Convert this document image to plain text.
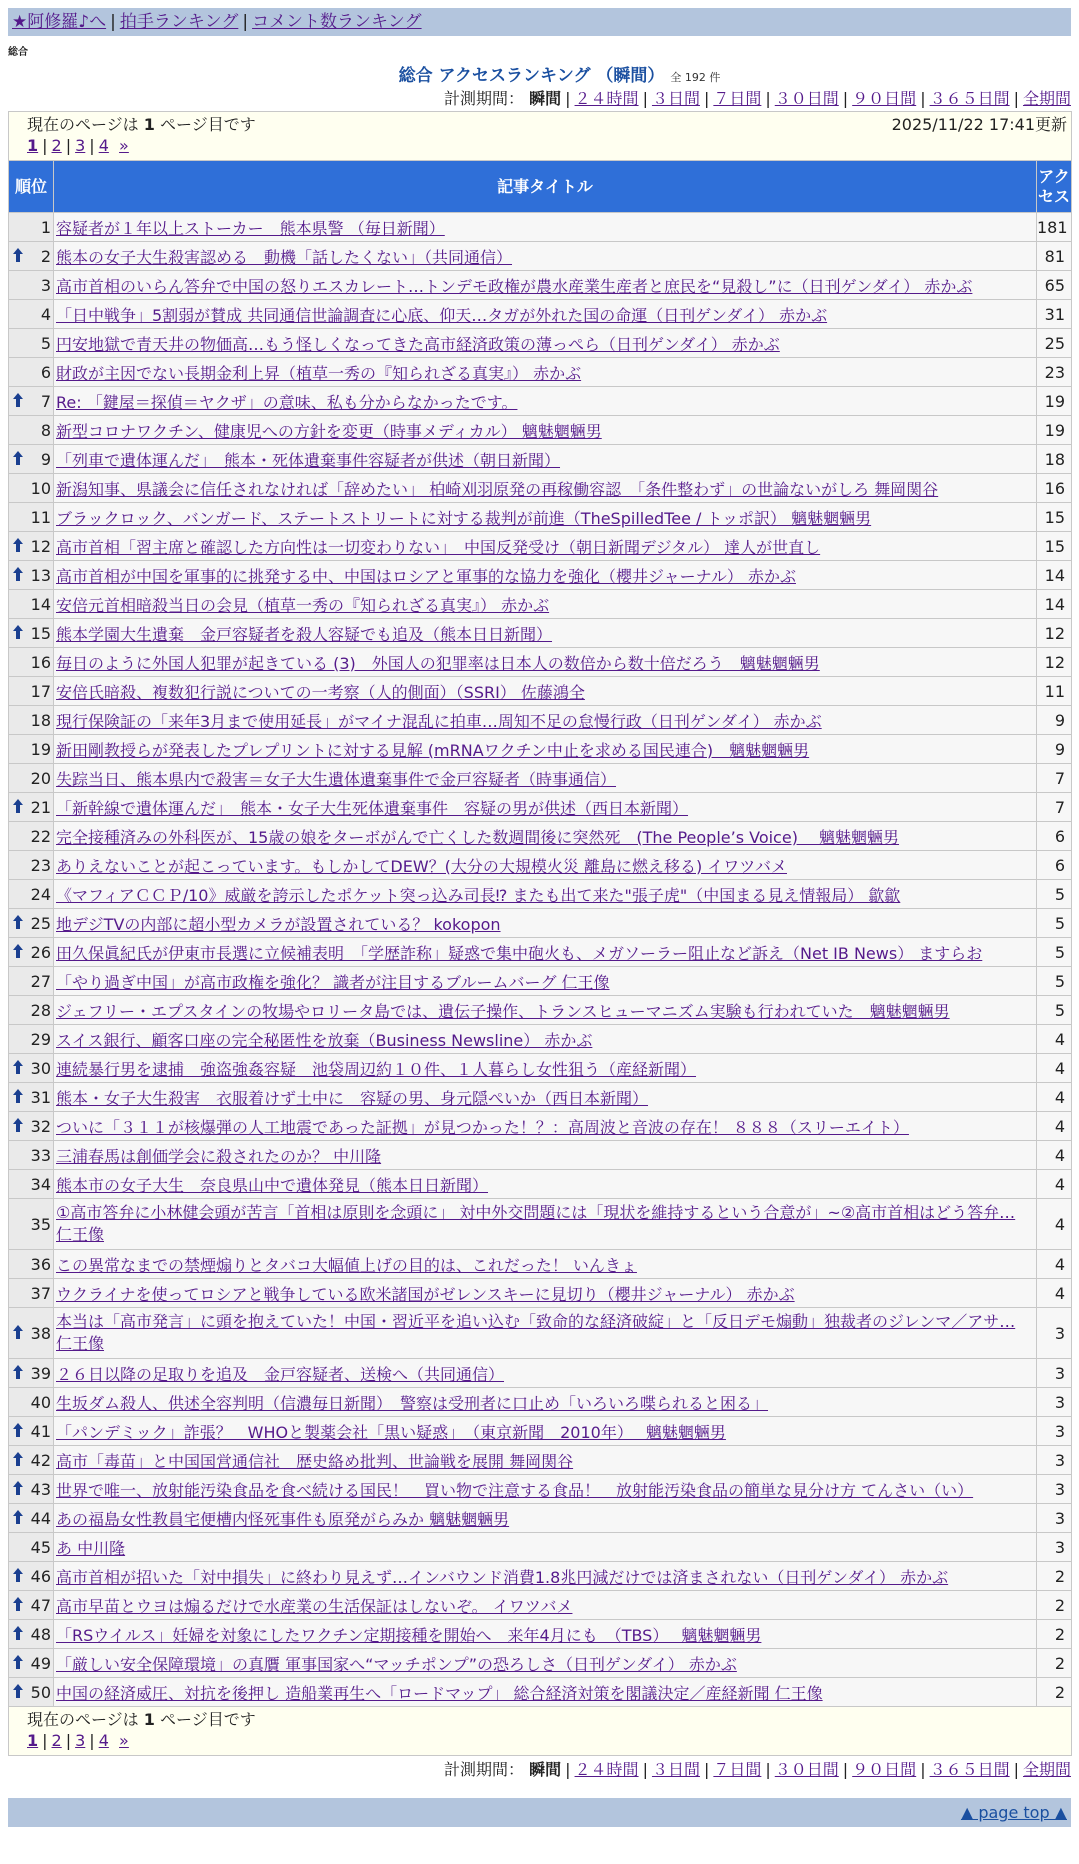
★阿修羅♪へ | 拍手ランキング | コメント数ランキング
総合
総合 アクセスランキング （瞬間） 全 192 件
計測期間： 瞬間 | ２４時間 | ３日間 | ７日間 | ３０日間 | ９０日間 | ３６５日間 | 全期間
現在のページは 1 ページ目です 2025/11/22 17:41更新
1 | 2 | 3 | 4 »		

順位	記事タイトル	アクセス
1	容疑者が１年以上ストーカー　熊本県警 （毎日新聞）	181

2	熊本の女子大生殺害認める　動機「話したくない」（共同通信）	81
3	高市首相のいらん答弁で中国の怒りエスカレート…トンデモ政権が農水産業生産者と庶民を“見殺し”に（日刊ゲンダイ） 赤かぶ	65
4	「日中戦争」5割弱が賛成 共同通信世論調査に心底、仰天…タガが外れた国の命運（日刊ゲンダイ） 赤かぶ	31
5	円安地獄で青天井の物価高…もう怪しくなってきた高市経済政策の薄っぺら（日刊ゲンダイ） 赤かぶ	25
6	財政が主因でない長期金利上昇（植草一秀の『知られざる真実』） 赤かぶ	23

7	Re: 「鍵屋＝探偵＝ヤクザ」の意味、私も分からなかったです。	19
8	新型コロナワクチン、健康児への方針を変更（時事メディカル） 魑魅魍魎男	19

9	「列車で遺体運んだ」　熊本・死体遺棄事件容疑者が供述（朝日新聞）	18
10	新潟知事、県議会に信任されなければ「辞めたい」 柏崎刈羽原発の再稼働容認　「条件整わず」の世論ないがしろ 舞岡関谷	16
11	ブラックロック、バンガード、ステートストリートに対する裁判が前進（TheSpilledTee / トッポ訳） 魑魅魍魎男	15

12	高市首相「習主席と確認した方向性は一切変わりない」　中国反発受け（朝日新聞デジタル） 達人が世直し	15

13	高市首相が中国を軍事的に挑発する中、中国はロシアと軍事的な協力を強化（櫻井ジャーナル） 赤かぶ	14
14	安倍元首相暗殺当日の会見（植草一秀の『知られざる真実』） 赤かぶ	14

15	熊本学園大生遺棄　金戸容疑者を殺人容疑でも追及（熊本日日新聞）	12
16	毎日のように外国人犯罪が起きている (3)　外国人の犯罪率は日本人の数倍から数十倍だろう　魑魅魍魎男	12
17	安倍氏暗殺、複数犯行説についての一考察（人的側面）（SSRI） 佐藤鴻全	11
18	現行保険証の「来年3月まで使用延長」がマイナ混乱に拍車…周知不足の怠慢行政（日刊ゲンダイ） 赤かぶ	9
19	新田剛教授らが発表したプレプリントに対する見解 (mRNAワクチン中止を求める国民連合)　魑魅魍魎男	9
20	失踪当日、熊本県内で殺害＝女子大生遺体遺棄事件で金戸容疑者（時事通信）	7

21	「新幹線で遺体運んだ」　熊本・女子大生死体遺棄事件　容疑の男が供述（西日本新聞）	7
22	完全接種済みの外科医が、15歳の娘をターボがんで亡くした数週間後に突然死　(The People’s Voice)　 魑魅魍魎男	6
23	ありえないことが起こっています。もしかしてDEW？(大分の大規模火災 離島に燃え移る) イワツバメ	6
24	《マフィアＣＣＰ/10》威厳を誇示したポケット突っ込み司長⁉ またも出て来た"張子虎"（中国まる見え情報局） 歙歙	5

25	地デジTVの内部に超小型カメラが設置されている？ kokopon	5

26	田久保眞紀氏が伊東市長選に立候補表明　「学歴詐称」疑惑で集中砲火も、メガソーラー阻止など訴え（Net IB News） ますらお	5
27	「やり過ぎ中国」が高市政権を強化？ 識者が注目するブルームバーグ 仁王像	5
28	ジェフリー・エプスタインの牧場やロリータ島では、遺伝子操作、トランスヒューマニズム実験も行われていた　魑魅魍魎男	5
29	スイス銀行、顧客口座の完全秘匿性を放棄（Business Newsline） 赤かぶ	4

30	連続暴行男を逮捕　強盗強姦容疑　池袋周辺約１０件、１人暮らし女性狙う（産経新聞）	4

31	熊本・女子大生殺害　衣服着けず土中に　容疑の男、身元隠ぺいか（西日本新聞）	4

32	ついに「３１１が核爆弾の人工地震であった証拠」が見つかった！？：高周波と音波の存在！ ８８８（スリーエイト）	4
33	三浦春馬は創価学会に殺されたのか？ 中川隆	4
34	熊本市の女子大生　奈良県山中で遺体発見（熊本日日新聞）	4
35	①高市答弁に小林健会頭が苦言「首相は原則を念頭に」 対中外交問題には「現状を維持するという合意が」~②高市首相はどう答弁… 仁王像	4
36	この異常なまでの禁煙煽りとタバコ大幅値上げの目的は、これだった！ いんきょ	4
37	ウクライナを使ってロシアと戦争している欧米諸国がゼレンスキーに見切り（櫻井ジャーナル） 赤かぶ	4

38	本当は「高市発言」に頭を抱えていた！中国・習近平を追い込む「致命的な経済破綻」と「反日デモ煽動」独裁者のジレンマ／アサ… 仁王像	3

39	２６日以降の足取りを追及　金戸容疑者、送検へ（共同通信）	3
40	生坂ダム殺人、供述全容判明（信濃毎日新聞）　警察は受刑者に口止め「いろいろ喋られると困る」	3

41	「パンデミック」詐張？　WHOと製薬会社「黒い疑惑」　（東京新聞　2010年）　 魑魅魍魎男	3

42	高市「毒苗」と中国国営通信社　歴史絡め批判、世論戦を展開 舞岡関谷	3

43	世界で唯一、放射能汚染食品を食べ続ける国民！　買い物で注意する食品！　放射能汚染食品の簡単な見分け方 てんさい（い）	3

44	あの福島女性教員宅便槽内怪死事件も原発がらみか 魑魅魍魎男	3
45	あ 中川隆	3

46	高市首相が招いた「対中損失」に終わり見えず…インバウンド消費1.8兆円減だけでは済まされない（日刊ゲンダイ） 赤かぶ	2

47	高市早苗とウヨは煽るだけで水産業の生活保証はしないぞ。 イワツバメ	2

48	「RSウイルス」妊婦を対象にしたワクチン定期接種を開始へ　来年4月にも　（TBS）　 魑魅魍魎男	2

49	「厳しい安全保障環境」の真贋 軍事国家へ“マッチポンプ”の恐ろしさ（日刊ゲンダイ） 赤かぶ	2

50	中国の経済威圧、対抗を後押し 造船業再生へ「ロードマップ」 総合経済対策を閣議決定／産経新聞 仁王像	2

現在のページは 1 ページ目です
1 | 2 | 3 | 4 »		
計測期間： 瞬間 | ２４時間 | ３日間 | ７日間 | ３０日間 | ９０日間 | ３６５日間 | 全期間
▲ page top ▲
